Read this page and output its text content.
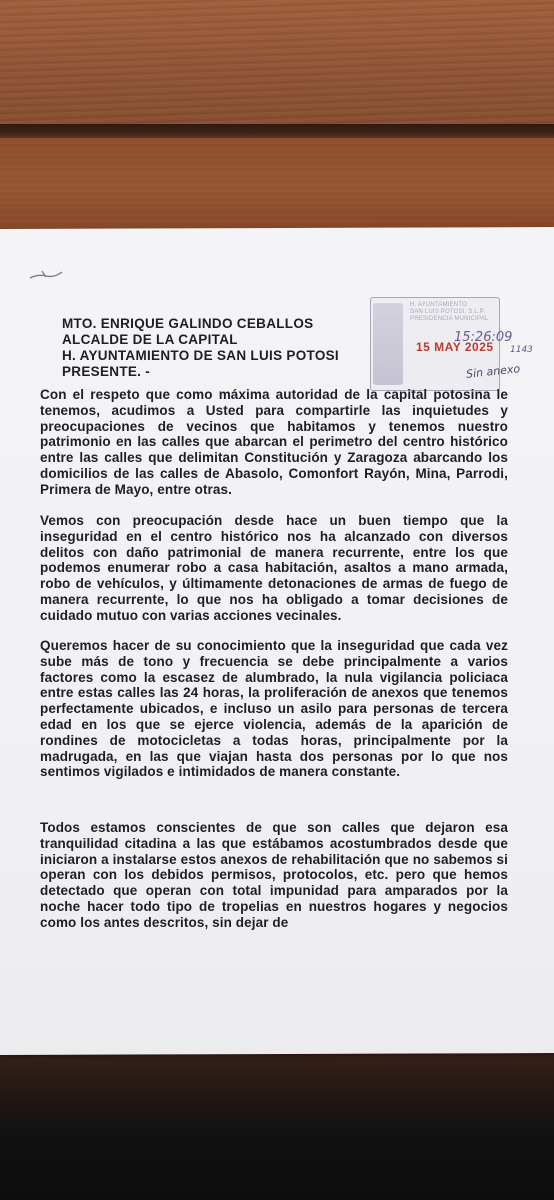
H. AYUNTAMIENTO
SAN LUIS POTOSI, S.L.P.
PRESIDENCIA MUNICIPAL
15:26:09
15 MAY 2025 1143
Sin anexo
MTO. ENRIQUE GALINDO CEBALLOS
ALCALDE DE LA CAPITAL
H. AYUNTAMIENTO DE SAN LUIS POTOSI
PRESENTE. -
Con el respeto que como máxima autoridad de la capital potosina le tenemos, acudimos a Usted para compartirle las inquietudes y preocupaciones de vecinos que habitamos y tenemos nuestro patrimonio en las calles que abarcan el perimetro del centro histórico entre las calles que delimitan Constitución y Zaragoza abarcando los domicilios de las calles de Abasolo, Comonfort Rayón, Mina, Parrodi, Primera de Mayo, entre otras.
Vemos con preocupación desde hace un buen tiempo que la inseguridad en el centro histórico nos ha alcanzado con diversos delitos con daño patrimonial de manera recurrente, entre los que podemos enumerar robo a casa habitación, asaltos a mano armada, robo de vehículos, y últimamente detonaciones de armas de fuego de manera recurrente, lo que nos ha obligado a tomar decisiones de cuidado mutuo con varias acciones vecinales.
Queremos hacer de su conocimiento que la inseguridad que cada vez sube más de tono y frecuencia se debe principalmente a varios factores como la escasez de alumbrado, la nula vigilancia policiaca entre estas calles las 24 horas, la proliferación de anexos que tenemos perfectamente ubicados, e incluso un asilo para personas de tercera edad en los que se ejerce violencia, además de la aparición de rondines de motocicletas a todas horas, principalmente por la madrugada, en las que viajan hasta dos personas por lo que nos sentimos vigilados e intimidados de manera constante.
Todos estamos conscientes de que son calles que dejaron esa tranquilidad citadina a las que estábamos acostumbrados desde que iniciaron a instalarse estos anexos de rehabilitación que no sabemos si operan con los debidos permisos, protocolos, etc. pero que hemos detectado que operan con total impunidad para amparados por la noche hacer todo tipo de tropelias en nuestros hogares y negocios como los antes descritos, sin dejar de
